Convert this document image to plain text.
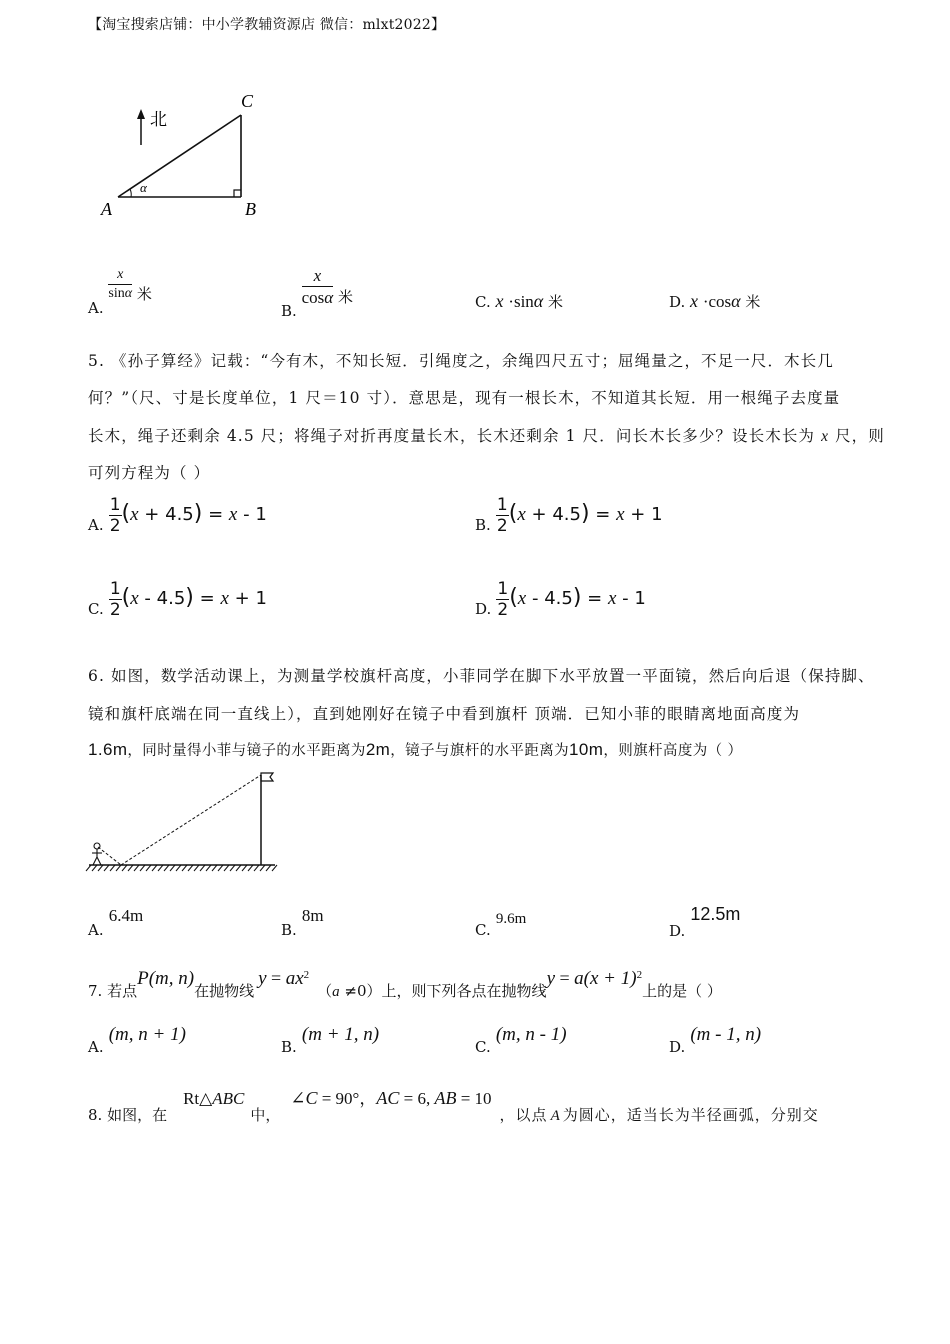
【淘宝搜索店铺：中小学教辅资源店 微信：mlxt2022】
北
C
A	B
α
A.
$\frac{x}{\sin\alpha}$ 米
B.
$\frac{x}{\cos\alpha}$ 米	C. x ·sinα 米	D. x ·cosα 米
5. 《孙子算经》记载：“今有木，不知长短．引绳度之，余绳四尺五寸；屈绳量之，不足一尺．木长几
何？”（尺、寸是长度单位，1 尺＝10 寸）．意思是，现有一根长木，不知道其长短．用一根绳子去度量
长木，绳子还剩余 4.5 尺；将绳子对折再度量长木，长木还剩余 1 尺．问长木长多少？设长木长为 x 尺，则
可列方程为（ ）
A. $\frac{1}{2} (x + 4.5) = x - 1$	B. $\frac{1}{2} (x + 4.5) = x + 1$
C. $\frac{1}{2} (x - 4.5) = x + 1$	D. $\frac{1}{2} (x - 4.5) = x - 1$
6. 如图，数学活动课上，为测量学校旗杆高度，小菲同学在脚下水平放置一平面镜，然后向后退（保持脚、
镜和旗杆底端在同一直线上），直到她刚好在镜子中看到旗杆 顶端．已知小菲的眼睛离地面高度为
1.6m，同时量得小菲与镜子的水平距离为2m，镜子与旗杆的水平距离为10m，则旗杆高度为（ ）
A. 6.4m
B. 8m
C. 9.6m
D. 12.5m
7. 若点P(m, n)在抛物线$y = ax^2(a \ne 0)$上，则下列各点在抛物线$y = a(x + 1)^2$上的是（ ）
A. (m, n + 1)
B. (m + 1, n)
C. (m, n - 1)
D. (m - 1, n)
8. 如图，在Rt△ABC中，∠C = 90°，AC = 6, AB = 10，以点 A 为圆心，适当长为半径画弧，分别交
